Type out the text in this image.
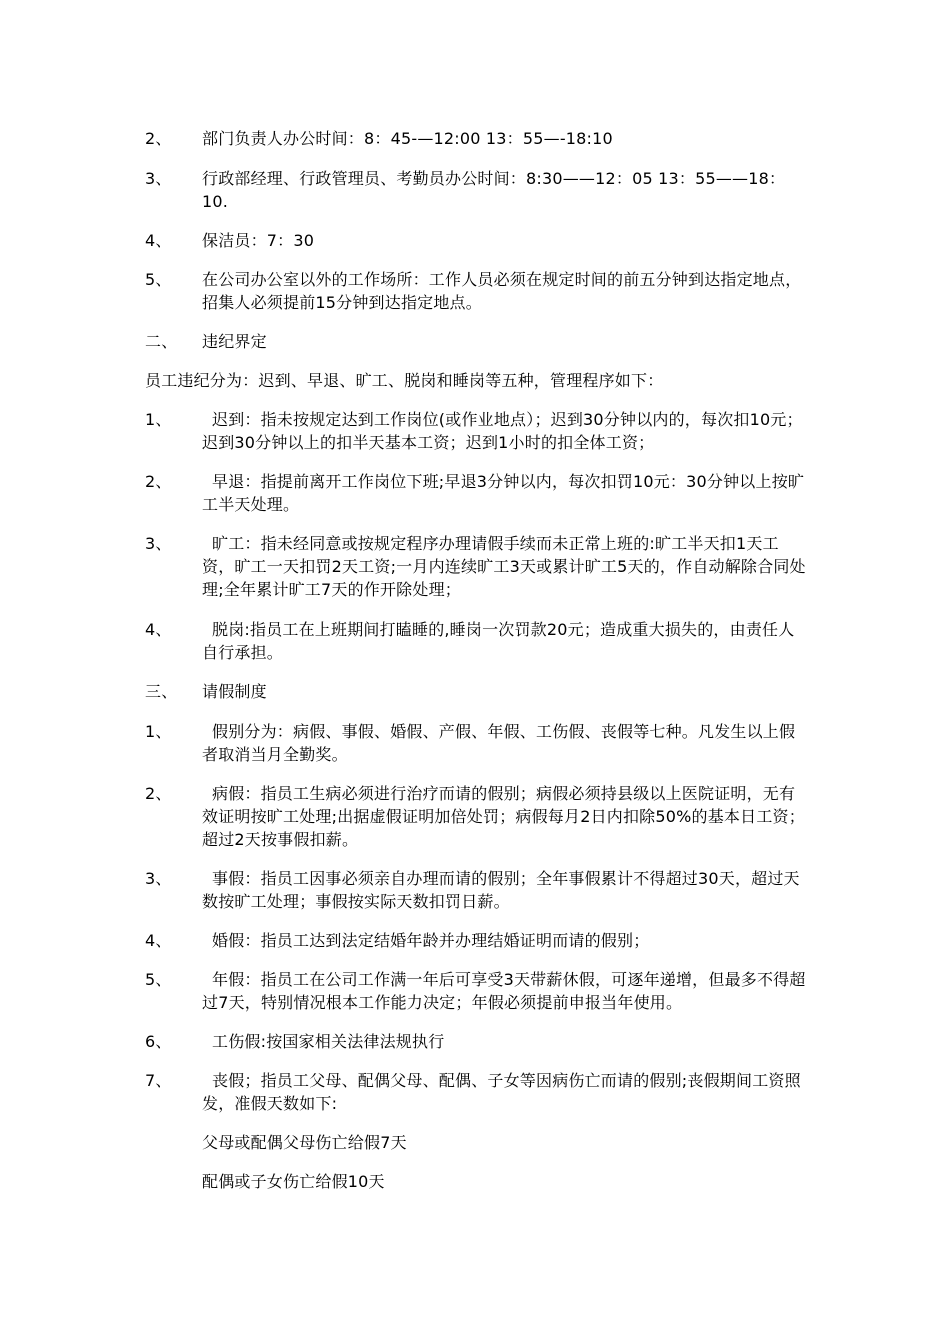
2、	部门负责人办公时间：8：45-—12:00 13：55—-18:10
3、	行政部经理、行政管理员、考勤员办公时间：8:30——12：05 13：55——18：10.
4、	保洁员：7：30
5、	在公司办公室以外的工作场所：工作人员必须在规定时间的前五分钟到达指定地点，招集人必须提前15分钟到达指定地点。
二、	违纪界定
员工违纪分为：迟到、早退、旷工、脱岗和睡岗等五种，管理程序如下：
1、	迟到：指未按规定达到工作岗位(或作业地点）；迟到30分钟以内的，每次扣10元；迟到30分钟以上的扣半天基本工资；迟到1小时的扣全体工资；
2、	早退：指提前离开工作岗位下班;早退3分钟以内，每次扣罚10元：30分钟以上按旷工半天处理。
3、	旷工：指未经同意或按规定程序办理请假手续而未正常上班的:旷工半天扣1天工资，旷工一天扣罚2天工资;一月内连续旷工3天或累计旷工5天的，作自动解除合同处理;全年累计旷工7天的作开除处理；
4、	脱岗:指员工在上班期间打瞌睡的,睡岗一次罚款20元；造成重大损失的，由责任人自行承担。
三、	请假制度
1、	假别分为：病假、事假、婚假、产假、年假、工伤假、丧假等七种。凡发生以上假者取消当月全勤奖。
2、	病假：指员工生病必须进行治疗而请的假别；病假必须持县级以上医院证明，无有效证明按旷工处理;出据虚假证明加倍处罚；病假每月2日内扣除50%的基本日工资；超过2天按事假扣薪。
3、	事假：指员工因事必须亲自办理而请的假别；全年事假累计不得超过30天，超过天数按旷工处理；事假按实际天数扣罚日薪。
4、	婚假：指员工达到法定结婚年龄并办理结婚证明而请的假别；
5、	年假：指员工在公司工作满一年后可享受3天带薪休假，可逐年递增，但最多不得超过7天，特别情况根本工作能力决定；年假必须提前申报当年使用。
6、	工伤假:按国家相关法律法规执行
7、	丧假；指员工父母、配偶父母、配偶、子女等因病伤亡而请的假别;丧假期间工资照发，准假天数如下:
父母或配偶父母伤亡给假7天
配偶或子女伤亡给假10天
